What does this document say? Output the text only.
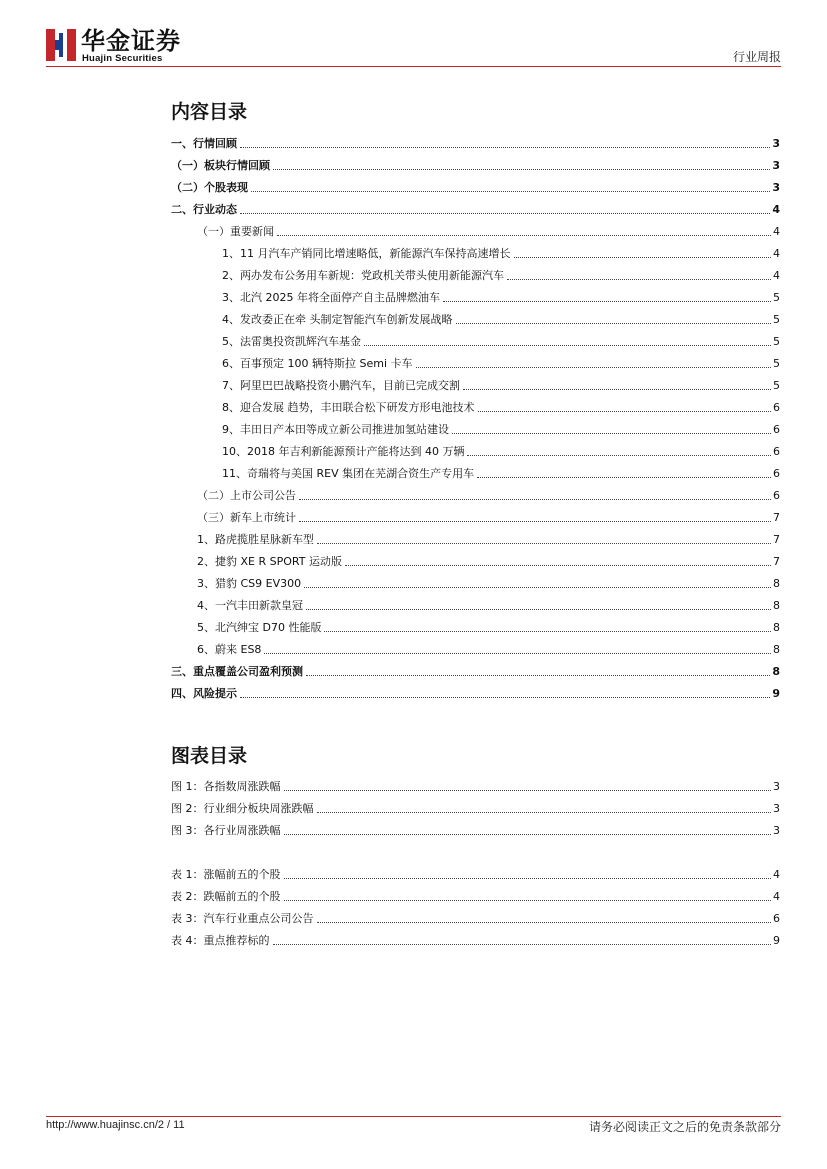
华金证券
Huajin Securities	行业周报
内容目录
一、行情回顾	3
（一）板块行情回顾	3
（二）个股表现	3
二、行业动态	4
（一）重要新闻	4
1、11 月汽车产销同比增速略低，新能源汽车保持高速增长	4
2、两办发布公务用车新规：党政机关带头使用新能源汽车	4
3、北汽 2025 年将全面停产自主品牌燃油车	5
4、发改委正在牵 头制定智能汽车创新发展战略	5
5、法雷奥投资凯辉汽车基金	5
6、百事预定 100 辆特斯拉 Semi 卡车	5
7、阿里巴巴战略投资小鹏汽车，目前已完成交割	5
8、迎合发展 趋势，丰田联合松下研发方形电池技术	6
9、丰田日产本田等成立新公司推进加氢站建设	6
10、2018 年吉利新能源预计产能将达到 40 万辆	6
11、奇瑞将与美国 REV 集团在芜湖合资生产专用车	6
（二）上市公司公告	6
（三）新车上市统计	7
1、路虎揽胜星脉新车型	7
2、捷豹 XE R SPORT 运动版	7
3、猎豹 CS9 EV300	8
4、一汽丰田新款皇冠	8
5、北汽绅宝 D70 性能版	8
6、蔚来 ES8	8
三、重点覆盖公司盈利预测	8
四、风险提示	9
图表目录
图 1：各指数周涨跌幅	3
图 2：行业细分板块周涨跌幅	3
图 3：各行业周涨跌幅	3
表 1：涨幅前五的个股	4
表 2：跌幅前五的个股	4
表 3：汽车行业重点公司公告	6
表 4：重点推荐标的	9
http://www.huajinsc.cn/2 / 11	请务必阅读正文之后的免责条款部分
